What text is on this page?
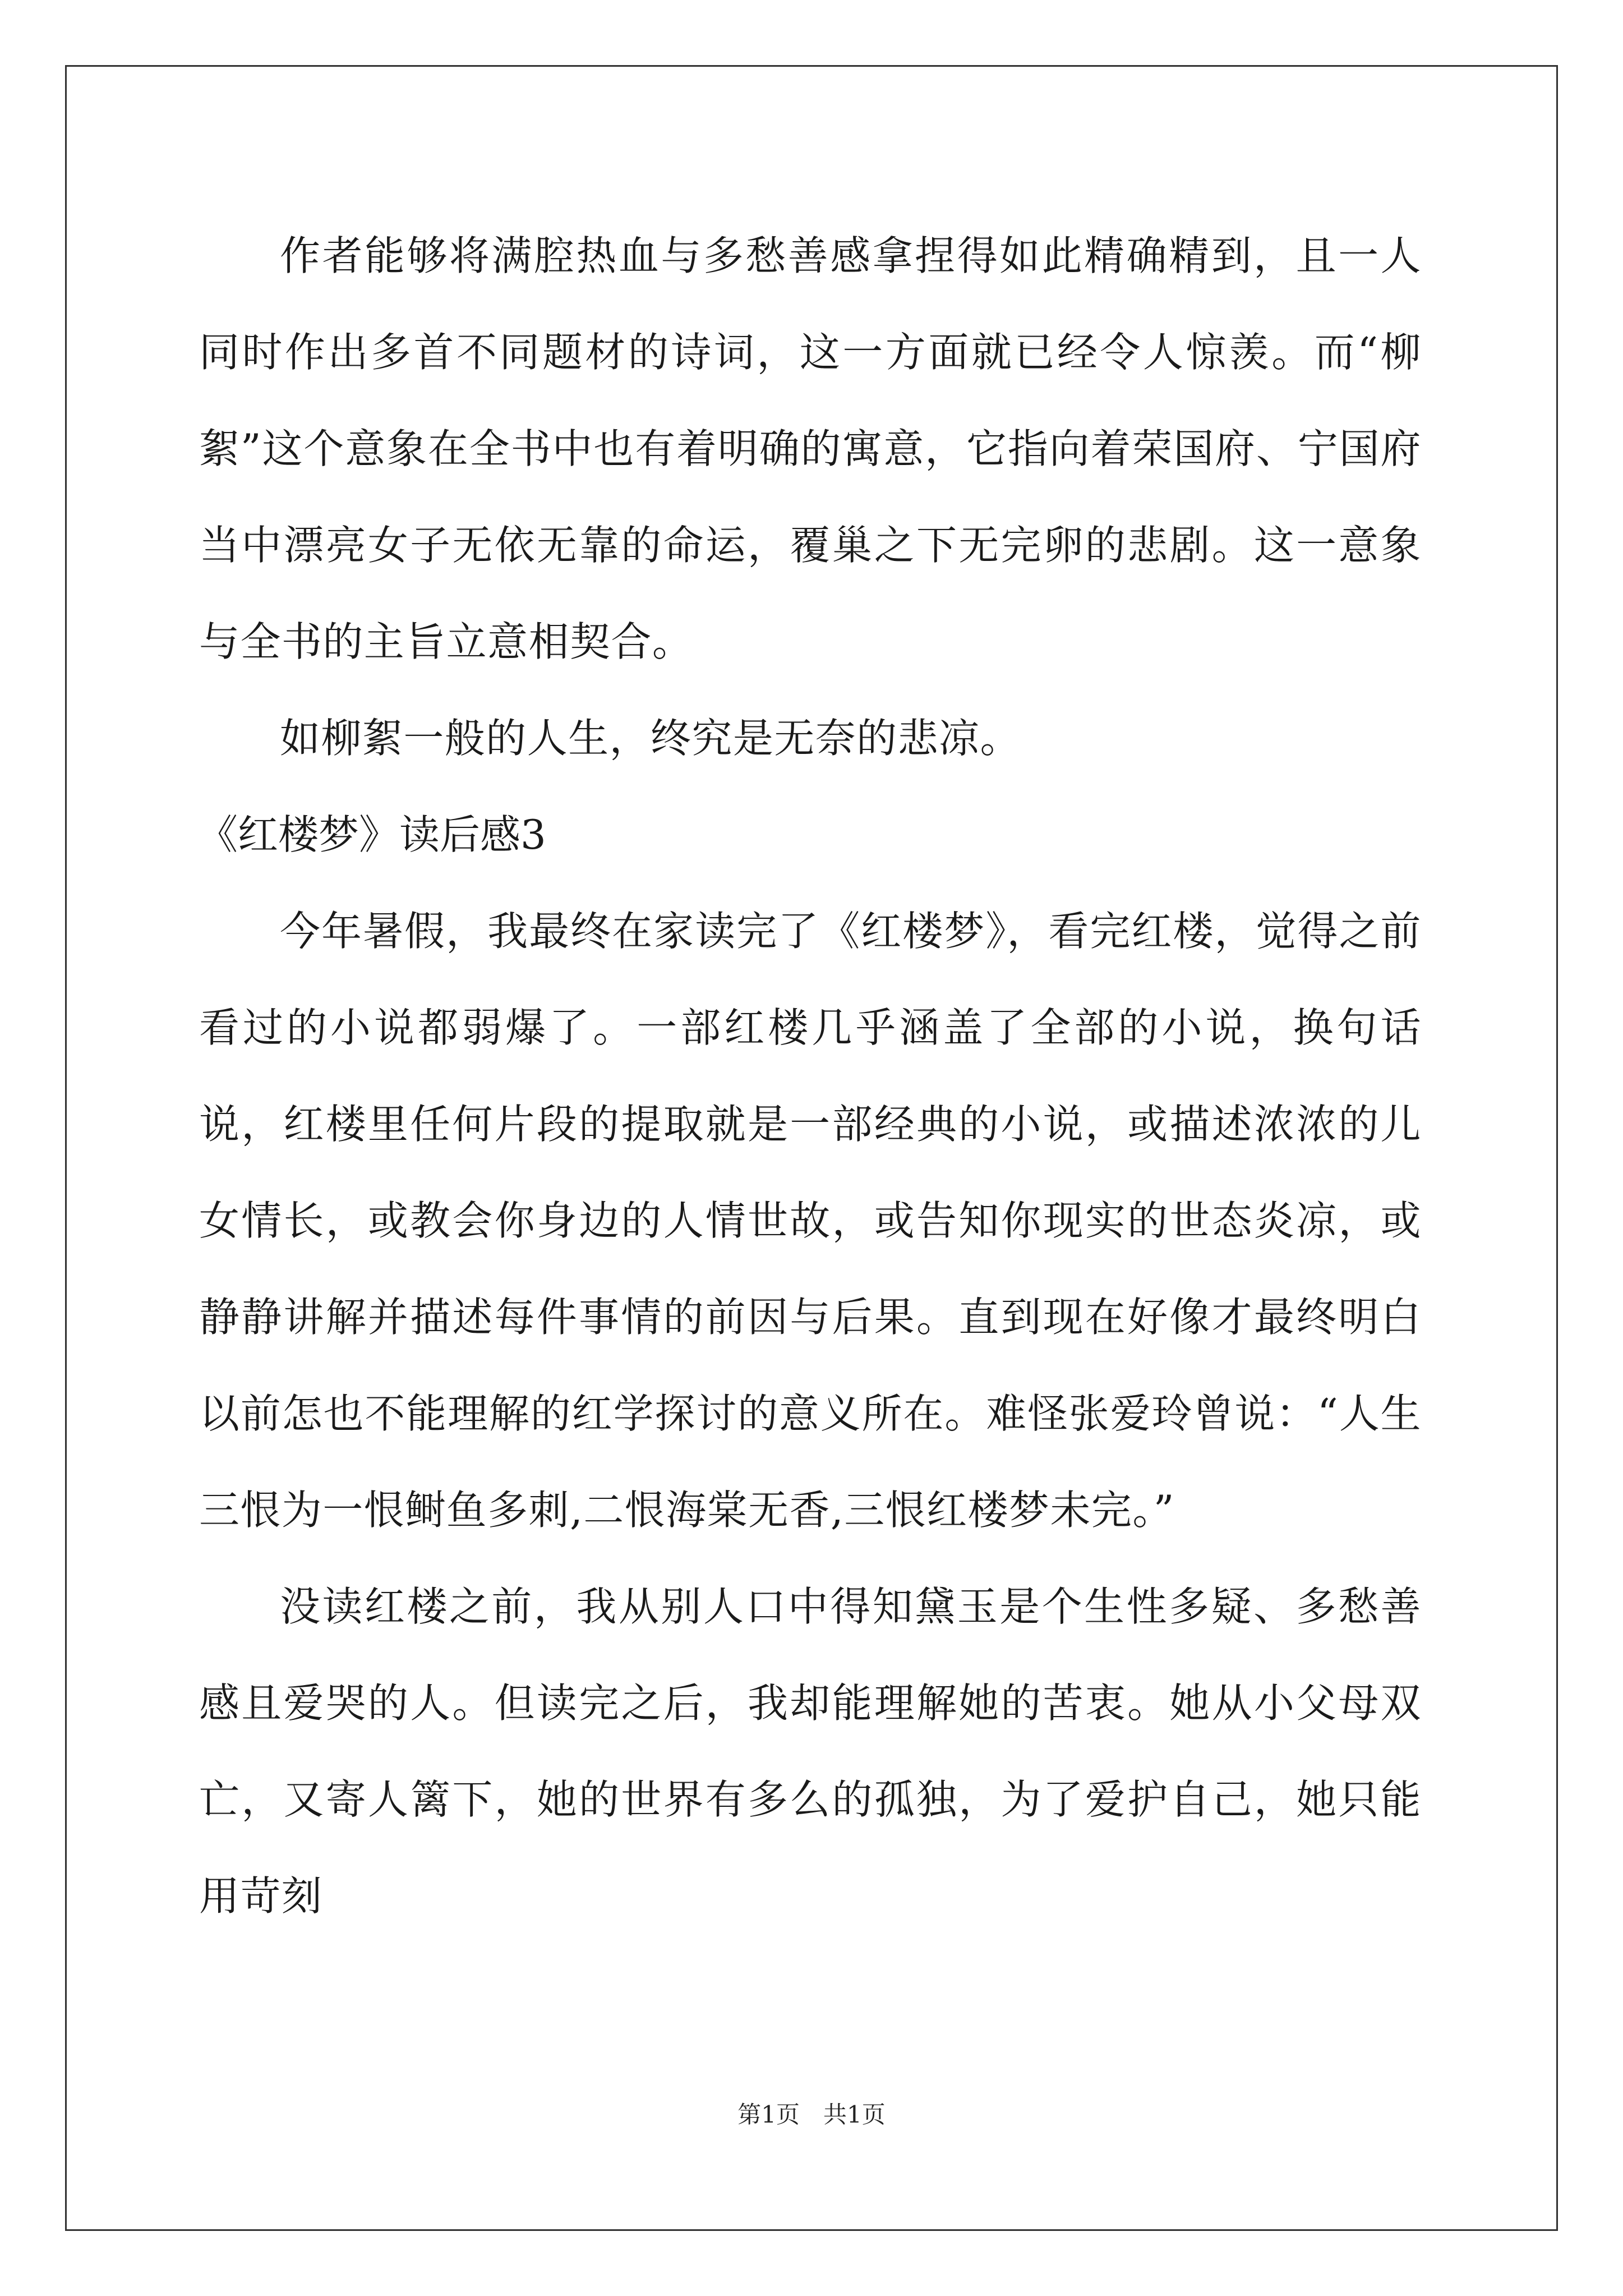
作者能够将满腔热血与多愁善感拿捏得如此精确精到，且一人同时作出多首不同题材的诗词，这一方面就已经令人惊羡。而“柳絮”这个意象在全书中也有着明确的寓意，它指向着荣国府、宁国府当中漂亮女子无依无靠的命运，覆巢之下无完卵的悲剧。这一意象与全书的主旨立意相契合。

如柳絮一般的人生，终究是无奈的悲凉。

《红楼梦》读后感3

今年暑假，我最终在家读完了《红楼梦》，看完红楼，觉得之前看过的小说都弱爆了。一部红楼几乎涵盖了全部的小说，换句话说，红楼里任何片段的提取就是一部经典的小说，或描述浓浓的儿女情长，或教会你身边的人情世故，或告知你现实的世态炎凉，或静静讲解并描述每件事情的前因与后果。直到现在好像才最终明白以前怎也不能理解的红学探讨的意义所在。难怪张爱玲曾说：“人生三恨为一恨鲥鱼多刺,二恨海棠无香,三恨红楼梦未完。”

没读红楼之前，我从别人口中得知黛玉是个生性多疑、多愁善感且爱哭的人。但读完之后，我却能理解她的苦衷。她从小父母双亡，又寄人篱下，她的世界有多么的孤独，为了爱护自己，她只能用苛刻

第1页　共1页
